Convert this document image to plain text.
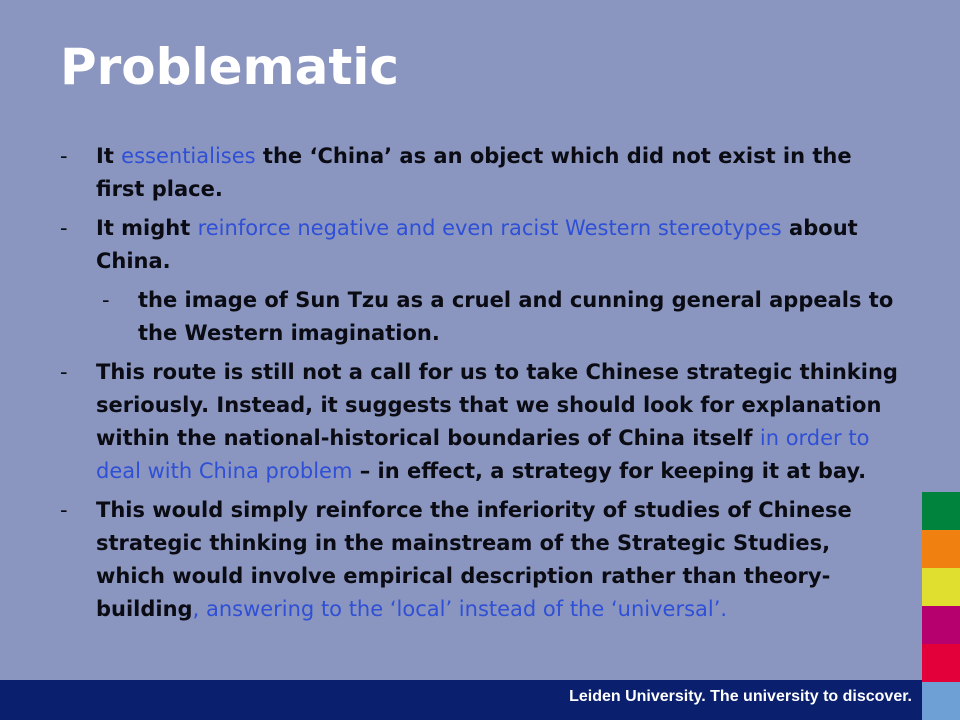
Problematic
- It essentialises the ‘China’ as an object which did not exist in the first place.
- It might reinforce negative and even racist Western stereotypes about China.
- the image of Sun Tzu as a cruel and cunning general appeals to the Western imagination.
- This route is still not a call for us to take Chinese strategic thinking seriously. Instead, it suggests that we should look for explanation within the national-historical boundaries of China itself in order to deal with China problem – in effect, a strategy for keeping it at bay.
- This would simply reinforce the inferiority of studies of Chinese strategic thinking in the mainstream of the Strategic Studies, which would involve empirical description rather than theory-building, answering to the ‘local’ instead of the ‘universal’.
Leiden University. The university to discover.
